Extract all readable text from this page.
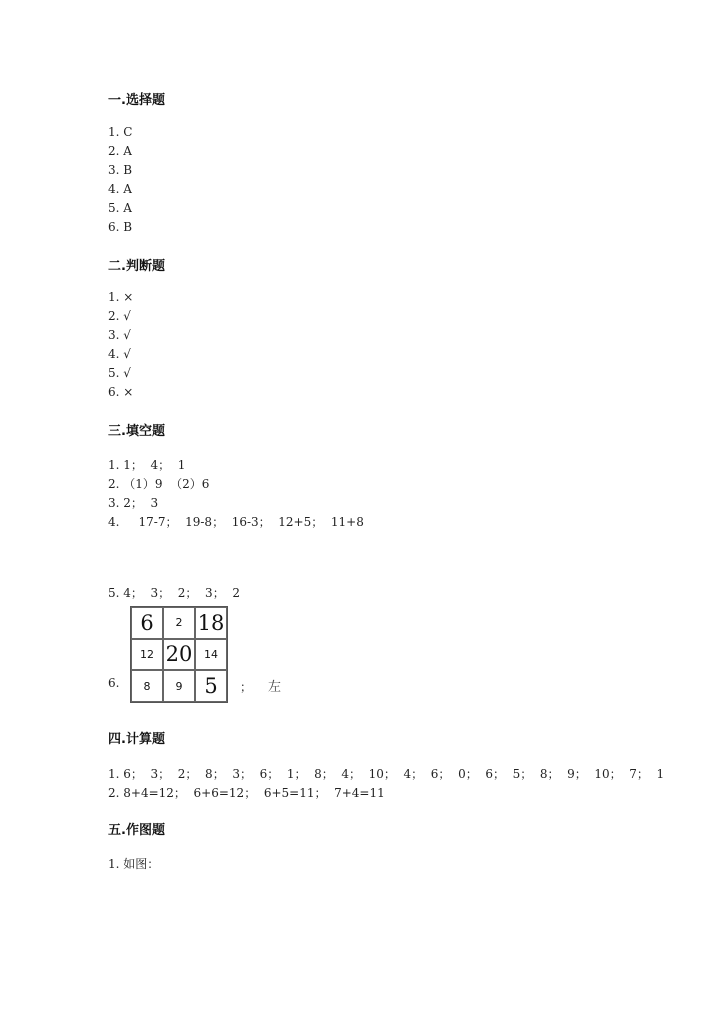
一.选择题
1. C
2. A
3. B
4. A
5. A
6. B
二.判断题
1. ×
2. √
3. √
4. √
5. √
6. ×
三.填空题
1. 1；  4；  1
2. （1）9  （2）6
3. 2；  3
4.     17-7；  19-8；  16-3；  12+5；  11+8
5. 4；  3；  2；  3；  2
6.
6	2 18
12 20	14
8	9	5	； 左
四.计算题
1. 6；  3；  2；  8；  3；  6；  1；  8；  4；  10；  4；  6；  0；  6；  5；  8；  9；  10；  7；  1
2. 8+4=12；  6+6=12；  6+5=11；  7+4=11
五.作图题
1. 如图：
